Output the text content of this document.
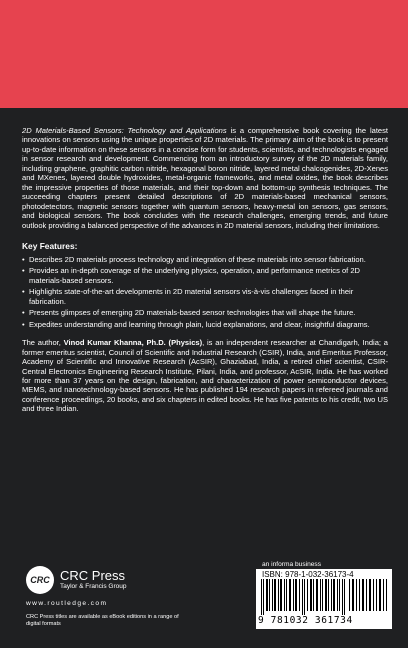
2D Materials-Based Sensors: Technology and Applications is a comprehensive book covering the latest innovations on sensors using the unique properties of 2D materials. The primary aim of the book is to present up-to-date information on these sensors in a concise form for students, scientists, and technologists engaged in sensor research and development. Commencing from an introductory survey of the 2D materials family, including graphene, graphitic carbon nitride, hexagonal boron nitride, layered metal chalcogenides, 2D-Xenes and MXenes, layered double hydroxides, metal-organic frameworks, and metal oxides, the book describes the impressive properties of those materials, and their top-down and bottom-up synthesis techniques. The succeeding chapters present detailed descriptions of 2D materials-based mechanical sensors, photodetectors, magnetic sensors together with quantum sensors, heavy-metal ion sensors, gas sensors, and biological sensors. The book concludes with the research challenges, emerging trends, and future outlook providing a balanced perspective of the advances in 2D material sensors, including their limitations.

Key Features:
• Describes 2D materials process technology and integration of these materials into sensor fabrication.
• Provides an in-depth coverage of the underlying physics, operation, and performance metrics of 2D materials-based sensors.
• Highlights state-of-the-art developments in 2D material sensors vis-à-vis challenges faced in their fabrication.
• Presents glimpses of emerging 2D materials-based sensor technologies that will shape the future.
• Expedites understanding and learning through plain, lucid explanations, and clear, insightful diagrams.

The author, Vinod Kumar Khanna, Ph.D. (Physics), is an independent researcher at Chandigarh, India; a former emeritus scientist, Council of Scientific and Industrial Research (CSIR), India, and Emeritus Professor, Academy of Scientific and Innovative Research (AcSIR), Ghaziabad, India, a retired chief scientist, CSIR-Central Electronics Engineering Research Institute, Pilani, India, and professor, AcSIR, India. He has worked for more than 37 years on the design, fabrication, and characterization of power semiconductor devices, MEMS, and nanotechnology-based sensors. He has published 194 research papers in refereed journals and conference proceedings, 20 books, and six chapters in edited books. He has five patents to his credit, two US and three Indian.

CRC CRC Press
Taylor & Francis Group
www.routledge.com
CRC Press titles are available as eBook editions in a range of digital formats
an informa business
ISBN: 978-1-032-36173-4
9 781032 361734
